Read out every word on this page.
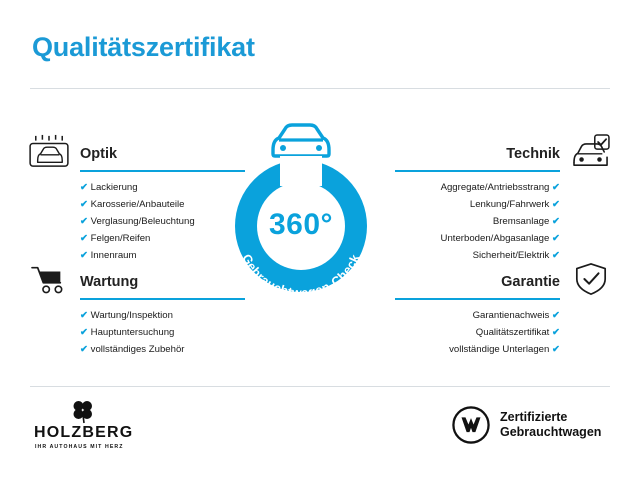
Qualitätszertifikat
Gebrauchtwagen-Check
360°
Optik
✔ Lackierung
✔ Karosserie/Anbauteile
✔ Verglasung/Beleuchtung
✔ Felgen/Reifen
✔ Innenraum
Wartung
✔ Wartung/Inspektion
✔ Hauptuntersuchung
✔ vollständiges Zubehör
Technik
Aggregate/Antriebsstrang ✔
Lenkung/Fahrwerk ✔
Bremsanlage ✔
Unterboden/Abgasanlage ✔
Sicherheit/Elektrik ✔
Garantie
Garantienachweis ✔
Qualitätszertifikat ✔
vollständige Unterlagen ✔
HOLZBERG
IHR AUTOHAUS MIT HERZ
Zertifizierte
Gebrauchtwagen
